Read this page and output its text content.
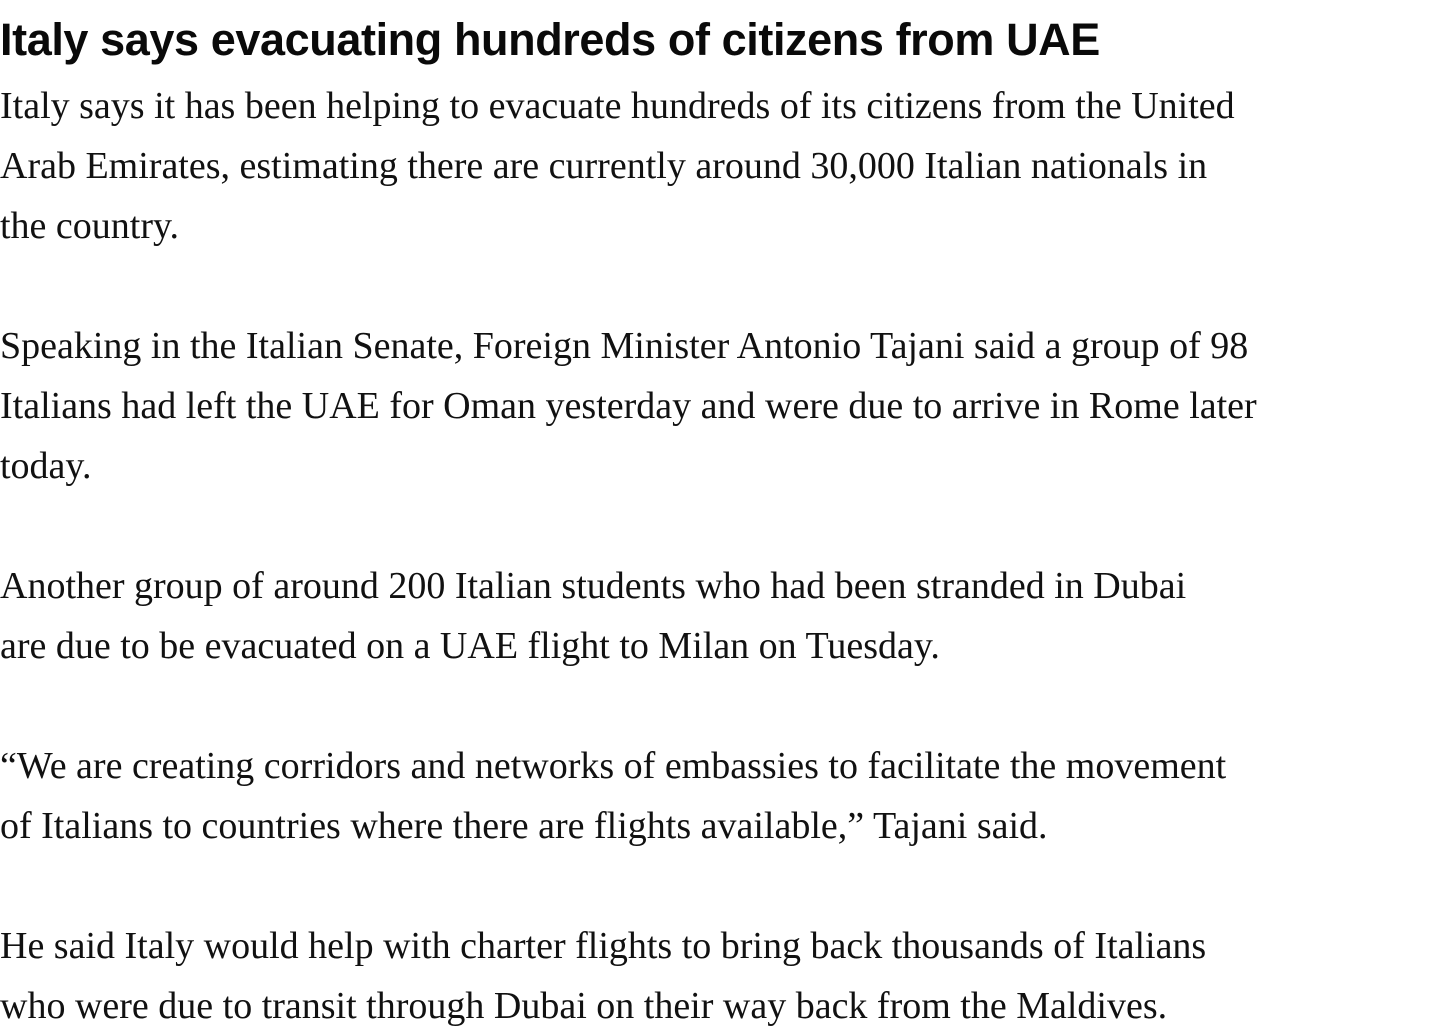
Italy says evacuating hundreds of citizens from UAE

Italy says it has been helping to evacuate hundreds of its citizens from the United
Arab Emirates, estimating there are currently around 30,000 Italian nationals in
the country.

Speaking in the Italian Senate, Foreign Minister Antonio Tajani said a group of 98
Italians had left the UAE for Oman yesterday and were due to arrive in Rome later
today.

Another group of around 200 Italian students who had been stranded in Dubai
are due to be evacuated on a UAE flight to Milan on Tuesday.

“We are creating corridors and networks of embassies to facilitate the movement
of Italians to countries where there are flights available,” Tajani said.

He said Italy would help with charter flights to bring back thousands of Italians
who were due to transit through Dubai on their way back from the Maldives.
